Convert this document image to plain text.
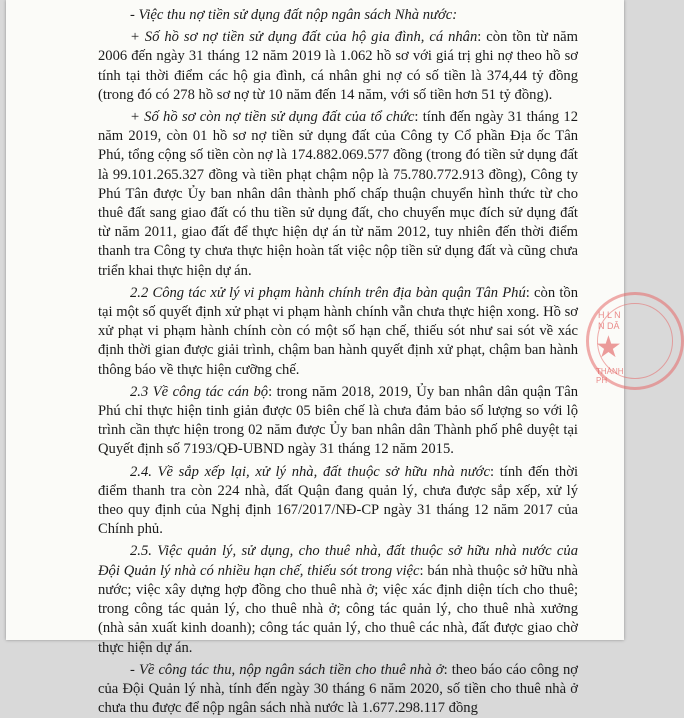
- Việc thu nợ tiền sử dụng đất nộp ngân sách Nhà nước:

+ Số hồ sơ nợ tiền sử dụng đất của hộ gia đình, cá nhân: còn tồn từ năm 2006 đến ngày 31 tháng 12 năm 2019 là 1.062 hồ sơ với giá trị ghi nợ theo hồ sơ tính tại thời điểm các hộ gia đình, cá nhân ghi nợ có số tiền là 374,44 tỷ đồng (trong đó có 278 hồ sơ nợ từ 10 năm đến 14 năm, với số tiền hơn 51 tỷ đồng).

+ Số hồ sơ còn nợ tiền sử dụng đất của tổ chức: tính đến ngày 31 tháng 12 năm 2019, còn 01 hồ sơ nợ tiền sử dụng đất của Công ty Cổ phần Địa ốc Tân Phú, tổng cộng số tiền còn nợ là 174.882.069.577 đồng (trong đó tiền sử dụng đất là 99.101.265.327 đồng và tiền phạt chậm nộp là 75.780.772.913 đồng), Công ty Phú Tân được Ủy ban nhân dân thành phố chấp thuận chuyển hình thức từ cho thuê đất sang giao đất có thu tiền sử dụng đất, cho chuyển mục đích sử dụng đất từ năm 2011, giao đất để thực hiện dự án từ năm 2012, tuy nhiên đến thời điểm thanh tra Công ty chưa thực hiện hoàn tất việc nộp tiền sử dụng đất và cũng chưa triển khai thực hiện dự án.

2.2 Công tác xử lý vi phạm hành chính trên địa bàn quận Tân Phú: còn tồn tại một số quyết định xử phạt vi phạm hành chính vẫn chưa thực hiện xong. Hồ sơ xử phạt vi phạm hành chính còn có một số hạn chế, thiếu sót như sai sót về xác định thời gian được giải trình, chậm ban hành quyết định xử phạt, chậm ban hành thông báo về thực hiện cưỡng chế.

2.3 Về công tác cán bộ: trong năm 2018, 2019, Ủy ban nhân dân quận Tân Phú chỉ thực hiện tinh giản được 05 biên chế là chưa đảm bảo số lượng so với lộ trình cần thực hiện trong 02 năm được Ủy ban nhân dân Thành phố phê duyệt tại Quyết định số 7193/QĐ-UBND ngày 31 tháng 12 năm 2015.

2.4. Về sắp xếp lại, xử lý nhà, đất thuộc sở hữu nhà nước: tính đến thời điểm thanh tra còn 224 nhà, đất Quận đang quản lý, chưa được sắp xếp, xử lý theo quy định của Nghị định 167/2017/NĐ-CP ngày 31 tháng 12 năm 2017 của Chính phủ.

2.5. Việc quản lý, sử dụng, cho thuê nhà, đất thuộc sở hữu nhà nước của Đội Quản lý nhà có nhiều hạn chế, thiếu sót trong việc: bán nhà thuộc sở hữu nhà nước; việc xây dựng hợp đồng cho thuê nhà ở; việc xác định diện tích cho thuê; trong công tác quản lý, cho thuê nhà ở; công tác quản lý, cho thuê nhà xưởng (nhà sản xuất kinh doanh); công tác quản lý, cho thuê các nhà, đất được giao chờ thực hiện dự án.

- Về công tác thu, nộp ngân sách tiền cho thuê nhà ở: theo báo cáo công nợ của Đội Quản lý nhà, tính đến ngày 30 tháng 6 năm 2020, số tiền cho thuê nhà ở chưa thu được để nộp ngân sách nhà nước là 1.677.298.117 đồng

H L N
N DÂ
★
THÀNH PH
